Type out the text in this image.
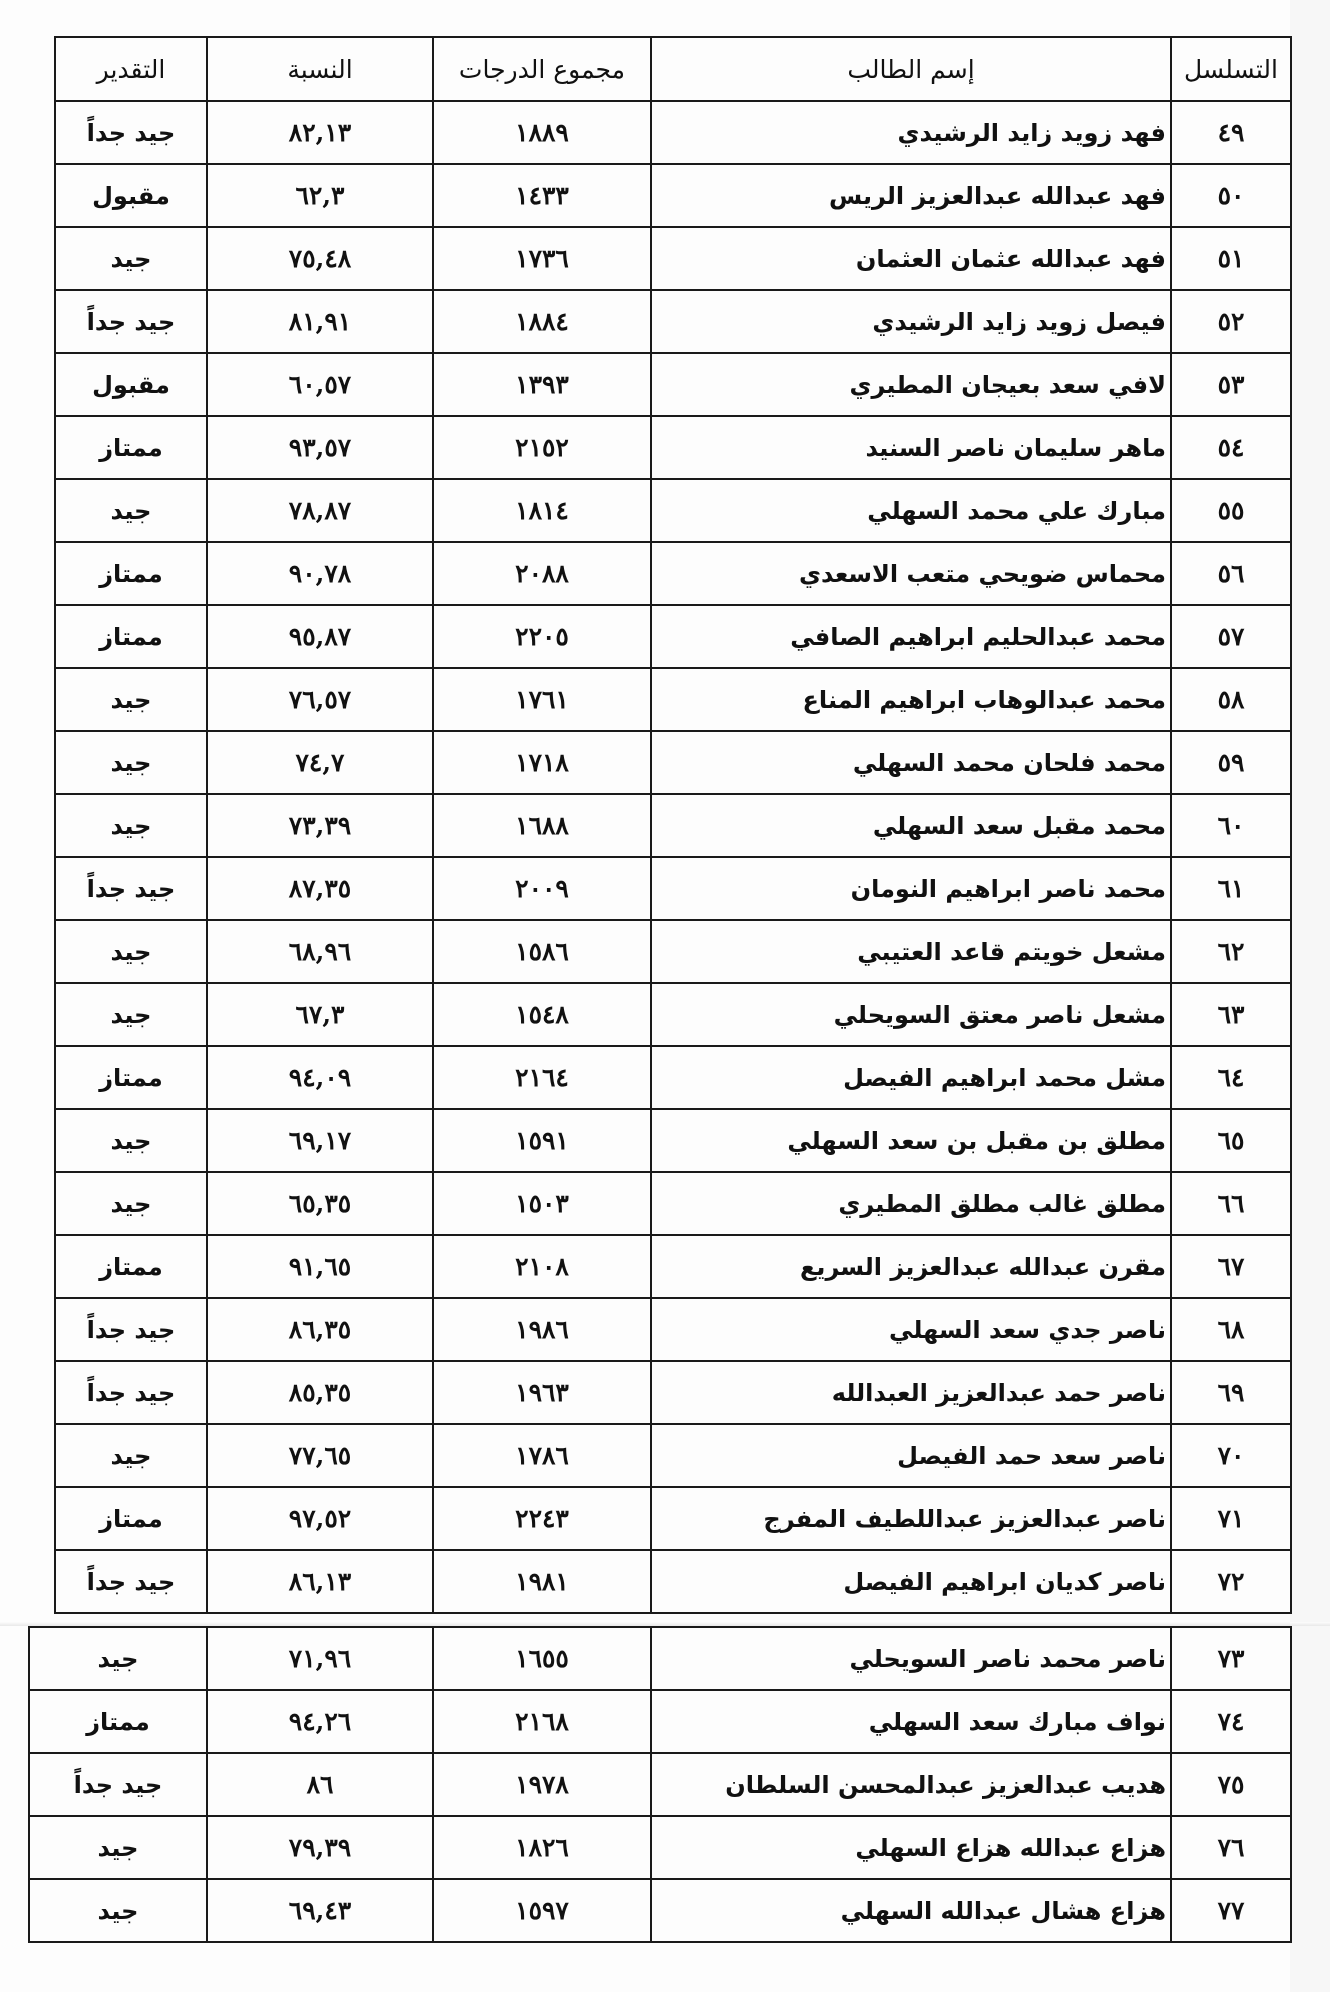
التسلسل	إسم الطالب	مجموع الدرجات	النسبة	التقدير
٤٩	فهد زويد زايد الرشيدي	١٨٨٩	٨٢,١٣	جيد جداً
٥٠	فهد عبدالله عبدالعزيز الريس	١٤٣٣	٦٢,٣	مقبول
٥١	فهد عبدالله عثمان العثمان	١٧٣٦	٧٥,٤٨	جيد
٥٢	فيصل زويد زايد الرشيدي	١٨٨٤	٨١,٩١	جيد جداً
٥٣	لافي سعد بعيجان المطيري	١٣٩٣	٦٠,٥٧	مقبول
٥٤	ماهر سليمان ناصر السنيد	٢١٥٢	٩٣,٥٧	ممتاز
٥٥	مبارك علي محمد السهلي	١٨١٤	٧٨,٨٧	جيد
٥٦	محماس ضويحي متعب الاسعدي	٢٠٨٨	٩٠,٧٨	ممتاز
٥٧	محمد عبدالحليم ابراهيم الصافي	٢٢٠٥	٩٥,٨٧	ممتاز
٥٨	محمد عبدالوهاب ابراهيم المناع	١٧٦١	٧٦,٥٧	جيد
٥٩	محمد فلحان محمد السهلي	١٧١٨	٧٤,٧	جيد
٦٠	محمد مقبل سعد السهلي	١٦٨٨	٧٣,٣٩	جيد
٦١	محمد ناصر ابراهيم النومان	٢٠٠٩	٨٧,٣٥	جيد جداً
٦٢	مشعل خويتم قاعد العتيبي	١٥٨٦	٦٨,٩٦	جيد
٦٣	مشعل ناصر معتق السويحلي	١٥٤٨	٦٧,٣	جيد
٦٤	مشل محمد ابراهيم الفيصل	٢١٦٤	٩٤,٠٩	ممتاز
٦٥	مطلق بن مقبل بن سعد السهلي	١٥٩١	٦٩,١٧	جيد
٦٦	مطلق غالب مطلق المطيري	١٥٠٣	٦٥,٣٥	جيد
٦٧	مقرن عبدالله عبدالعزيز السريع	٢١٠٨	٩١,٦٥	ممتاز
٦٨	ناصر جدي سعد السهلي	١٩٨٦	٨٦,٣٥	جيد جداً
٦٩	ناصر حمد عبدالعزيز العبدالله	١٩٦٣	٨٥,٣٥	جيد جداً
٧٠	ناصر سعد حمد الفيصل	١٧٨٦	٧٧,٦٥	جيد
٧١	ناصر عبدالعزيز عبداللطيف المفرج	٢٢٤٣	٩٧,٥٢	ممتاز
٧٢	ناصر كديان ابراهيم الفيصل	١٩٨١	٨٦,١٣	جيد جداً
٧٣	ناصر محمد ناصر السويحلي	١٦٥٥	٧١,٩٦	جيد
٧٤	نواف مبارك سعد السهلي	٢١٦٨	٩٤,٢٦	ممتاز
٧٥	هديب عبدالعزيز عبدالمحسن السلطان	١٩٧٨	٨٦	جيد جداً
٧٦	هزاع عبدالله هزاع السهلي	١٨٢٦	٧٩,٣٩	جيد
٧٧	هزاع هشال عبدالله السهلي	١٥٩٧	٦٩,٤٣	جيد
